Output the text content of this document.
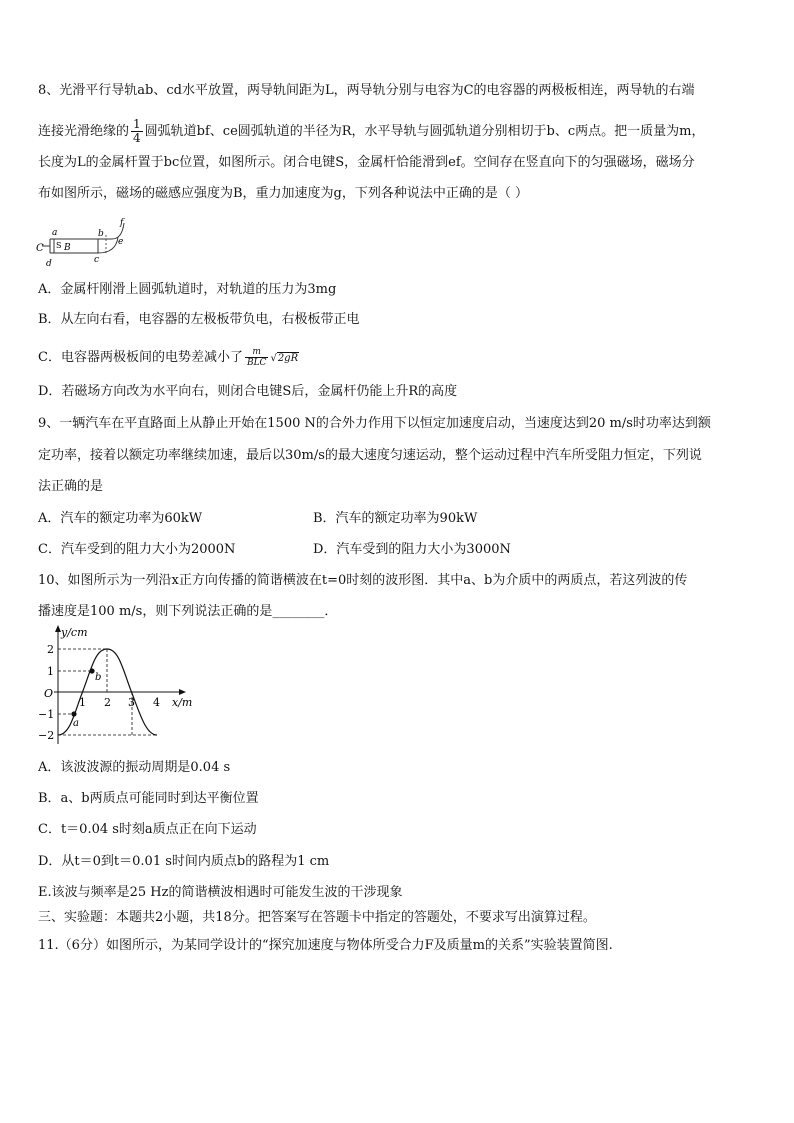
8、光滑平行导轨ab、cd水平放置，两导轨间距为L，两导轨分别与电容为C的电容器的两极板相连，两导轨的右端
连接光滑绝缘的 $\frac{1}{4}$ 圆弧轨道bf、ce圆弧轨道的半径为R，水平导轨与圆弧轨道分别相切于b、c两点。把一质量为m，
长度为L的金属杆置于bc位置，如图所示。闭合电键S，金属杆恰能滑到ef。空间存在竖直向下的匀强磁场，磁场分
布如图所示，磁场的磁感应强度为B，重力加速度为g，下列各种说法中正确的是（ ）
a	b
c
d
e
f
C S B
A．金属杆刚滑上圆弧轨道时，对轨道的压力为3mg
B．从左向右看，电容器的左极板带负电，右极板带正电
C．电容器两极板间的电势差减小了 $\frac{m}{\text{BLC}} √2gR$
D．若磁场方向改为水平向右，则闭合电键S后，金属杆仍能上升R的高度
9、一辆汽车在平直路面上从静止开始在1500 N的合外力作用下以恒定加速度启动，当速度达到20 m/s时功率达到额
定功率，接着以额定功率继续加速，最后以30m/s的最大速度匀速运动，整个运动过程中汽车所受阻力恒定，下列说
法正确的是
A．汽车的额定功率为60kW	B．汽车的额定功率为90kW
C．汽车受到的阻力大小为2000N	D．汽车受到的阻力大小为3000N
10、如图所示为一列沿x正方向传播的简谐横波在t=0时刻的波形图．其中a、b为介质中的两质点，若这列波的传
播速度是100 m/s，则下列说法正确的是________．
y/cm
x/m
O
2
1
−1
−2
1 2 3 4
a
b
A．该波波源的振动周期是0.04 s
B．a、b两质点可能同时到达平衡位置
C．t＝0.04 s时刻a质点正在向下运动
D．从t＝0到t＝0.01 s时间内质点b的路程为1 cm
E.该波与频率是25 Hz的简谐横波相遇时可能发生波的干涉现象
三、实验题：本题共2小题，共18分。把答案写在答题卡中指定的答题处，不要求写出演算过程。
11.（6分）如图所示，为某同学设计的“探究加速度与物体所受合力F及质量m的关系”实验装置简图.
